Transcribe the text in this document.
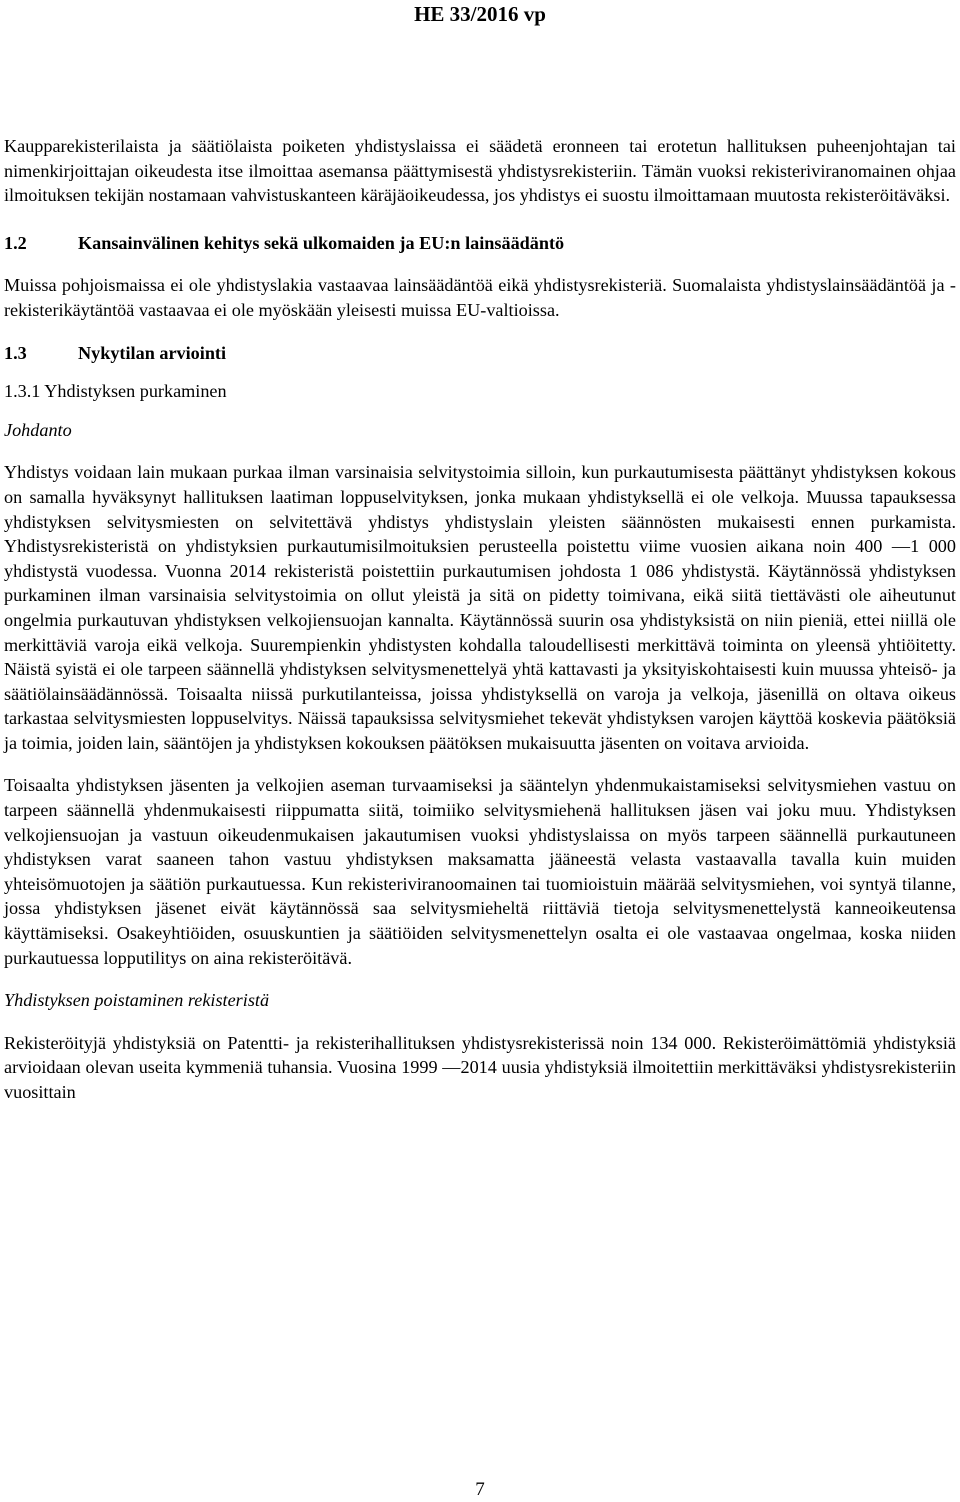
HE 33/2016 vp

Kaupparekisterilaista ja säätiölaista poiketen yhdistyslaissa ei säädetä eronneen tai erotetun hallituksen puheenjohtajan tai nimenkirjoittajan oikeudesta itse ilmoittaa asemansa päättymisestä yhdistysrekisteriin. Tämän vuoksi rekisteriviranomainen ohjaa ilmoituksen tekijän nostamaan vahvistuskanteen käräjäoikeudessa, jos yhdistys ei suostu ilmoittamaan muutosta rekisteröitäväksi.

1.2	Kansainvälinen kehitys sekä ulkomaiden ja EU:n lainsäädäntö

Muissa pohjoismaissa ei ole yhdistyslakia vastaavaa lainsäädäntöä eikä yhdistysrekisteriä. Suomalaista yhdistyslainsäädäntöä ja -rekisterikäytäntöä vastaavaa ei ole myöskään yleisesti muissa EU-valtioissa.

1.3	Nykytilan arviointi

1.3.1 Yhdistyksen purkaminen

Johdanto

Yhdistys voidaan lain mukaan purkaa ilman varsinaisia selvitystoimia silloin, kun purkautumisesta päättänyt yhdistyksen kokous on samalla hyväksynyt hallituksen laatiman loppuselvityksen, jonka mukaan yhdistyksellä ei ole velkoja. Muussa tapauksessa yhdistyksen selvitysmiesten on selvitettävä yhdistys yhdistyslain yleisten säännösten mukaisesti ennen purkamista. Yhdistysrekisteristä on yhdistyksien purkautumisilmoituksien perusteella poistettu viime vuosien aikana noin 400 —1 000 yhdistystä vuodessa. Vuonna 2014 rekisteristä poistettiin purkautumisen johdosta 1 086 yhdistystä. Käytännössä yhdistyksen purkaminen ilman varsinaisia selvitystoimia on ollut yleistä ja sitä on pidetty toimivana, eikä siitä tiettävästi ole aiheutunut ongelmia purkautuvan yhdistyksen velkojiensuojan kannalta. Käytännössä suurin osa yhdistyksistä on niin pieniä, ettei niillä ole merkittäviä varoja eikä velkoja. Suurempienkin yhdistysten kohdalla taloudellisesti merkittävä toiminta on yleensä yhtiöitetty. Näistä syistä ei ole tarpeen säännellä yhdistyksen selvitysmenettelyä yhtä kattavasti ja yksityiskohtaisesti kuin muussa yhteisö- ja säätiölainsäädännössä. Toisaalta niissä purkutilanteissa, joissa yhdistyksellä on varoja ja velkoja, jäsenillä on oltava oikeus tarkastaa selvitysmiesten loppuselvitys. Näissä tapauksissa selvitysmiehet tekevät yhdistyksen varojen käyttöä koskevia päätöksiä ja toimia, joiden lain, sääntöjen ja yhdistyksen kokouksen päätöksen mukaisuutta jäsenten on voitava arvioida.

Toisaalta yhdistyksen jäsenten ja velkojien aseman turvaamiseksi ja sääntelyn yhdenmukaistamiseksi selvitysmiehen vastuu on tarpeen säännellä yhdenmukaisesti riippumatta siitä, toimiiko selvitysmiehenä hallituksen jäsen vai joku muu. Yhdistyksen velkojiensuojan ja vastuun oikeudenmukaisen jakautumisen vuoksi yhdistyslaissa on myös tarpeen säännellä purkautuneen yhdistyksen varat saaneen tahon vastuu yhdistyksen maksamatta jääneestä velasta vastaavalla tavalla kuin muiden yhteisömuotojen ja säätiön purkautuessa. Kun rekisteriviranoomainen tai tuomioistuin määrää selvitysmiehen, voi syntyä tilanne, jossa yhdistyksen jäsenet eivät käytännössä saa selvitysmieheltä riittäviä tietoja selvitysmenettelystä kanneoikeutensa käyttämiseksi. Osakeyhtiöiden, osuuskuntien ja säätiöiden selvitysmenettelyn osalta ei ole vastaavaa ongelmaa, koska niiden purkautuessa lopputilitys on aina rekisteröitävä.

Yhdistyksen poistaminen rekisteristä

Rekisteröityjä yhdistyksiä on Patentti- ja rekisterihallituksen yhdistysrekisterissä noin 134 000. Rekisteröimättömiä yhdistyksiä arvioidaan olevan useita kymmeniä tuhansia. Vuosina 1999 —2014 uusia yhdistyksiä ilmoitettiin merkittäväksi yhdistysrekisteriin vuosittain

7
